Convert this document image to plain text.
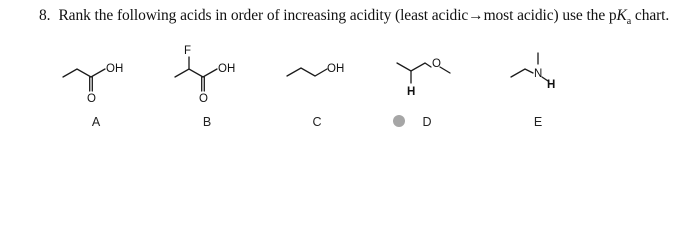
8. Rank the following acids in order of increasing acidity (least acidic→most acidic) use the $pK_a$ chart.
OH
O
A
F
OH
O
B
OH
C
O
H
D
N
H
E
